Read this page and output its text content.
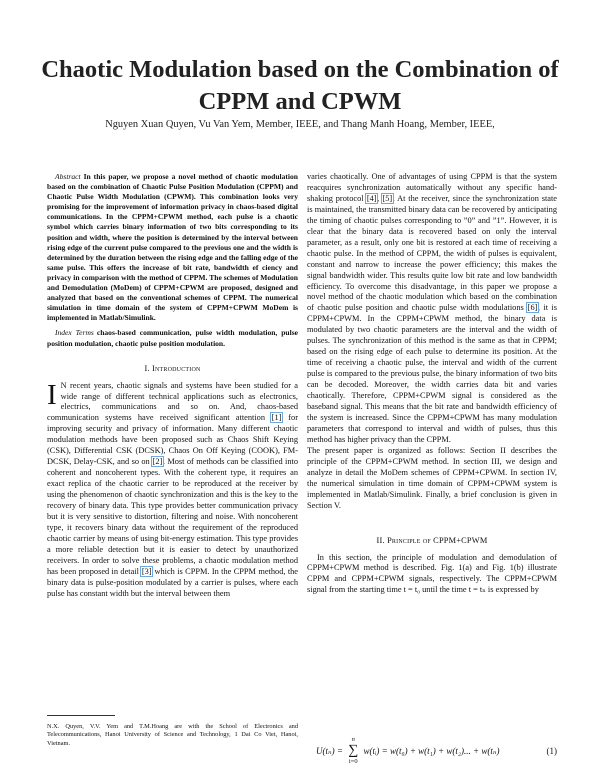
Chaotic Modulation based on the Combination of CPPM and CPWM
Nguyen Xuan Quyen, Vu Van Yem, Member, IEEE, and Thang Manh Hoang, Member, IEEE,
Abstract In this paper, we propose a novel method of chaotic modulation based on the combination of Chaotic Pulse Position Modulation (CPPM) and Chaotic Pulse Width Modulation (CPWM). This combination looks very promising for the improvement of information privacy in chaos-based digital communications. In the CPPM+CPWM method, each pulse is a chaotic symbol which carries binary information of two bits corresponding to its position and width, where the position is determined by the interval between rising edge of the current pulse compared to the previous one and the width is determined by the duration between the rising edge and the falling edge of the same pulse. This offers the increase of bit rate, bandwidth ef ciency and privacy in comparison with the method of CPPM. The schemes of Modulation and Demodulation (MoDem) of CPPM+CPWM are proposed, designed and analyzed that based on the conventional schemes of CPPM. The numerical simulation in time domain of the system of CPPM+CPWM MoDem is implemented in Matlab/Simulink.
Index Terms chaos-based communication, pulse width modulation, pulse position modulation, chaotic pulse position modulation.
I. Introduction
I N recent years, chaotic signals and systems have been studied for a wide range of different technical applications such as electronics, electrics, communications and so on. And, chaos-based communication systems have received significant attention [1] for improving security and privacy of information. Many different chaotic modulation methods have been proposed such as Chaos Shift Keying (CSK), Differential CSK (DCSK), Chaos On Off Keying (COOK), FM-DCSK, Delay-CSK, and so on [2]. Most of methods can be classified into coherent and noncoherent types. With the coherent type, it requires an exact replica of the chaotic carrier to be reproduced at the receiver by using the phenomenon of chaotic synchronization and this is the key to the recovery of binary data. This type provides better communication privacy but it is very sensitive to distortion, filtering and noise. With noncoherent type, it recovers binary data without the requirement of the reproduced chaotic carrier by means of using bit-energy estimation. This type provides a more reliable detection but it is easier to detect by unauthorized receivers. In order to solve these problems, a chaotic modulation method has been proposed in detail [3] which is CPPM. In the CPPM method, the binary data is pulse-position modulated by a carrier is pulses, where each pulse has constant width but the interval between them
N.X. Quyen, V.V. Yem and T.M.Hoang are with the School of Electronics and Telecommunications, Hanoi University of Science and Technology, 1 Dai Co Viet, Hanoi, Vietnam.

varies chaotically. One of advantages of using CPPM is that the system reacquires synchronization automatically without any specific hand-shaking protocol [4], [5]. At the receiver, since the synchronization state is maintained, the transmitted binary data can be recovered by anticipating the timing of chaotic pulses corresponding to ”0” and ”1”. However, it is clear that the binary data is recovered based on only the interval parameter, as a result, only one bit is restored at each time of receiving a chaotic pulse. In the method of CPPM, the width of pulses is equivalent, constant and narrow to increase the power efficiency; this makes the signal bandwidth wider. This results quite low bit rate and low bandwidth efficiency. To overcome this disadvantage, in this paper we propose a novel method of the chaotic modulation which based on the combination of chaotic pulse position and chaotic pulse width modulations [6], it is CPPM+CPWM. In the CPPM+CPWM method, the binary data is modulated by two chaotic parameters are the interval and the width of pulses. The synchronization of this method is the same as that in CPPM; based on the rising edge of each pulse to determine its position. At the time of receiving a chaotic pulse, the interval and width of the current pulse is compared to the previous pulse, the binary information of two bits can be decoded. Moreover, the width carries data bit and varies chaotically. Therefore, CPPM+CPWM signal is considered as the baseband signal. This means that the bit rate and bandwidth efficiency of the system is increased. Since the CPPM+CPWM has many modulation parameters that correspond to interval and width of pulses, thus this method has higher privacy than the CPPM.

The present paper is organized as follows: Section II describes the principle of the CPPM+CPWM method. In section III, we design and analyze in detail the MoDem schemes of CPPM+CPWM. In section IV, the numerical simulation in time domain of CPPM+CPWM system is implemented in Matlab/Simulink. Finally, a brief conclusion is given in Section V.

II. Principle of CPPM+CPWM

In this section, the principle of modulation and demodulation of CPPM+CPWM method is described. Fig. 1(a) and Fig. 1(b) illustrate CPPM and CPPM+CPWM signals, respectively. The CPPM+CPWM signal from the starting time t = t₀ until the time t = tₙ is expressed by

U(tₙ) =
n
∑
i=0
w(tᵢ) = w(t₀) + w(t₁) + w(t₂)... + w(tₙ)	(1)
